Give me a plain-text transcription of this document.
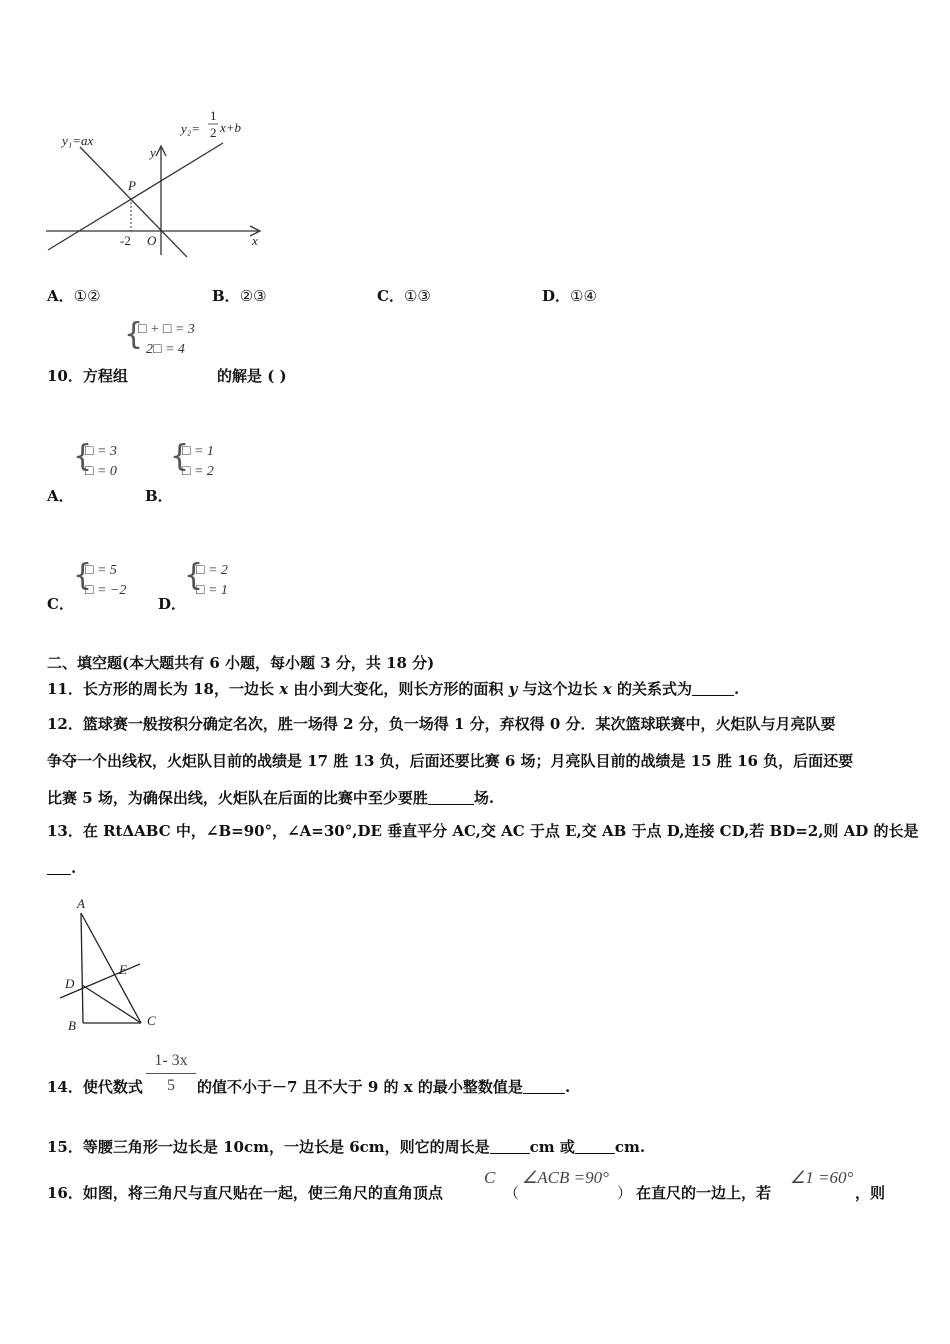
y₁=ax
y₂=
1
2 x+b
y
x
P
-2 O
A．①②	B．②③	C．①③	D．①④
{
□ + □ = 3
2□ = 4
10．方程组	的解是 ( )
{
□ = 3
□ = 0
A．
{
□ = 1
□ = 2
B．
{
□ = 5
□ = −2
C．
{
□ = 2
□ = 1
D．
二、填空题(本大题共有 6 小题，每小题 3 分，共 18 分)
11．长方形的周长为 18，一边长 x 由小到大变化，则长方形的面积 y 与这个边长 x 的关系式为	.
12．篮球赛一般按积分确定名次，胜一场得 2 分，负一场得 1 分，弃权得 0 分．某次篮球联赛中，火炬队与月亮队要
争夺一个出线权，火炬队目前的战绩是 17 胜 13 负，后面还要比赛 6 场；月亮队目前的战绩是 15 胜 16 负，后面还要
比赛 5 场，为确保出线，火炬队在后面的比赛中至少要胜	场.
13．在 RtΔABC 中，∠B=90°，∠A=30°,DE 垂直平分 AC,交 AC 于点 E,交 AB 于点 D,连接 CD,若 BD=2,则 AD 的长是
.
A
D
E
B	C
14．使代数式
1- 3x
5	的值不小于－7 且不大于 9 的 x 的最小整数值是	.
15．等腰三角形一边长是 10cm，一边长是 6cm，则它的周长是	cm 或	cm.
16．如图，将三角尺与直尺贴在一起，使三角尺的直角顶点
C
（
∠ACB =90°
） 在直尺的一边上，若
∠1 =60°
，则
